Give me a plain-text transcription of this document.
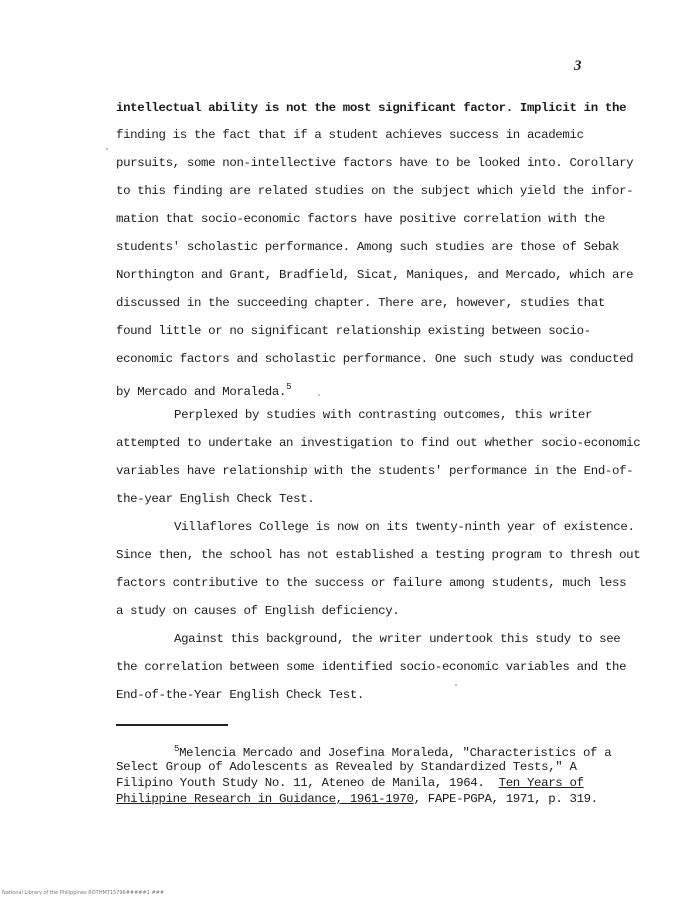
3
intellectual ability is not the most significant factor. Implicit in the
finding is the fact that if a student achieves success in academic
pursuits, some non-intellective factors have to be looked into. Corollary
to this finding are related studies on the subject which yield the infor-
mation that socio-economic factors have positive correlation with the
students' scholastic performance. Among such studies are those of Sebak
Northington and Grant, Bradfield, Sicat, Maniques, and Mercado, which are
discussed in the succeeding chapter. There are, however, studies that
found little or no significant relationship existing between socio-
economic factors and scholastic performance. One such study was conducted
by Mercado and Moraleda.$^5$
Perplexed by studies with contrasting outcomes, this writer
attempted to undertake an investigation to find out whether socio-economic
variables have relationship with the students' performance in the End-of-
the-year English Check Test.
Villaflores College is now on its twenty-ninth year of existence.
Since then, the school has not established a testing program to thresh out
factors contributive to the success or failure among students, much less
a study on causes of English deficiency.
Against this background, the writer undertook this study to see
the correlation between some identified socio-economic variables and the
End-of-the-Year English Check Test.
$^5$Melencia Mercado and Josefina Moraleda, "Characteristics of a
Select Group of Adolescents as Revealed by Standardized Tests," A
Filipino Youth Study No. 11, Ateneo de Manila, 1964. Ten Years of
Philippine Research in Guidance, 1961-1970, FAPE-PGPA, 1971, p. 319.
National Library of the Philippines ROTHMT15796#####1 ###
